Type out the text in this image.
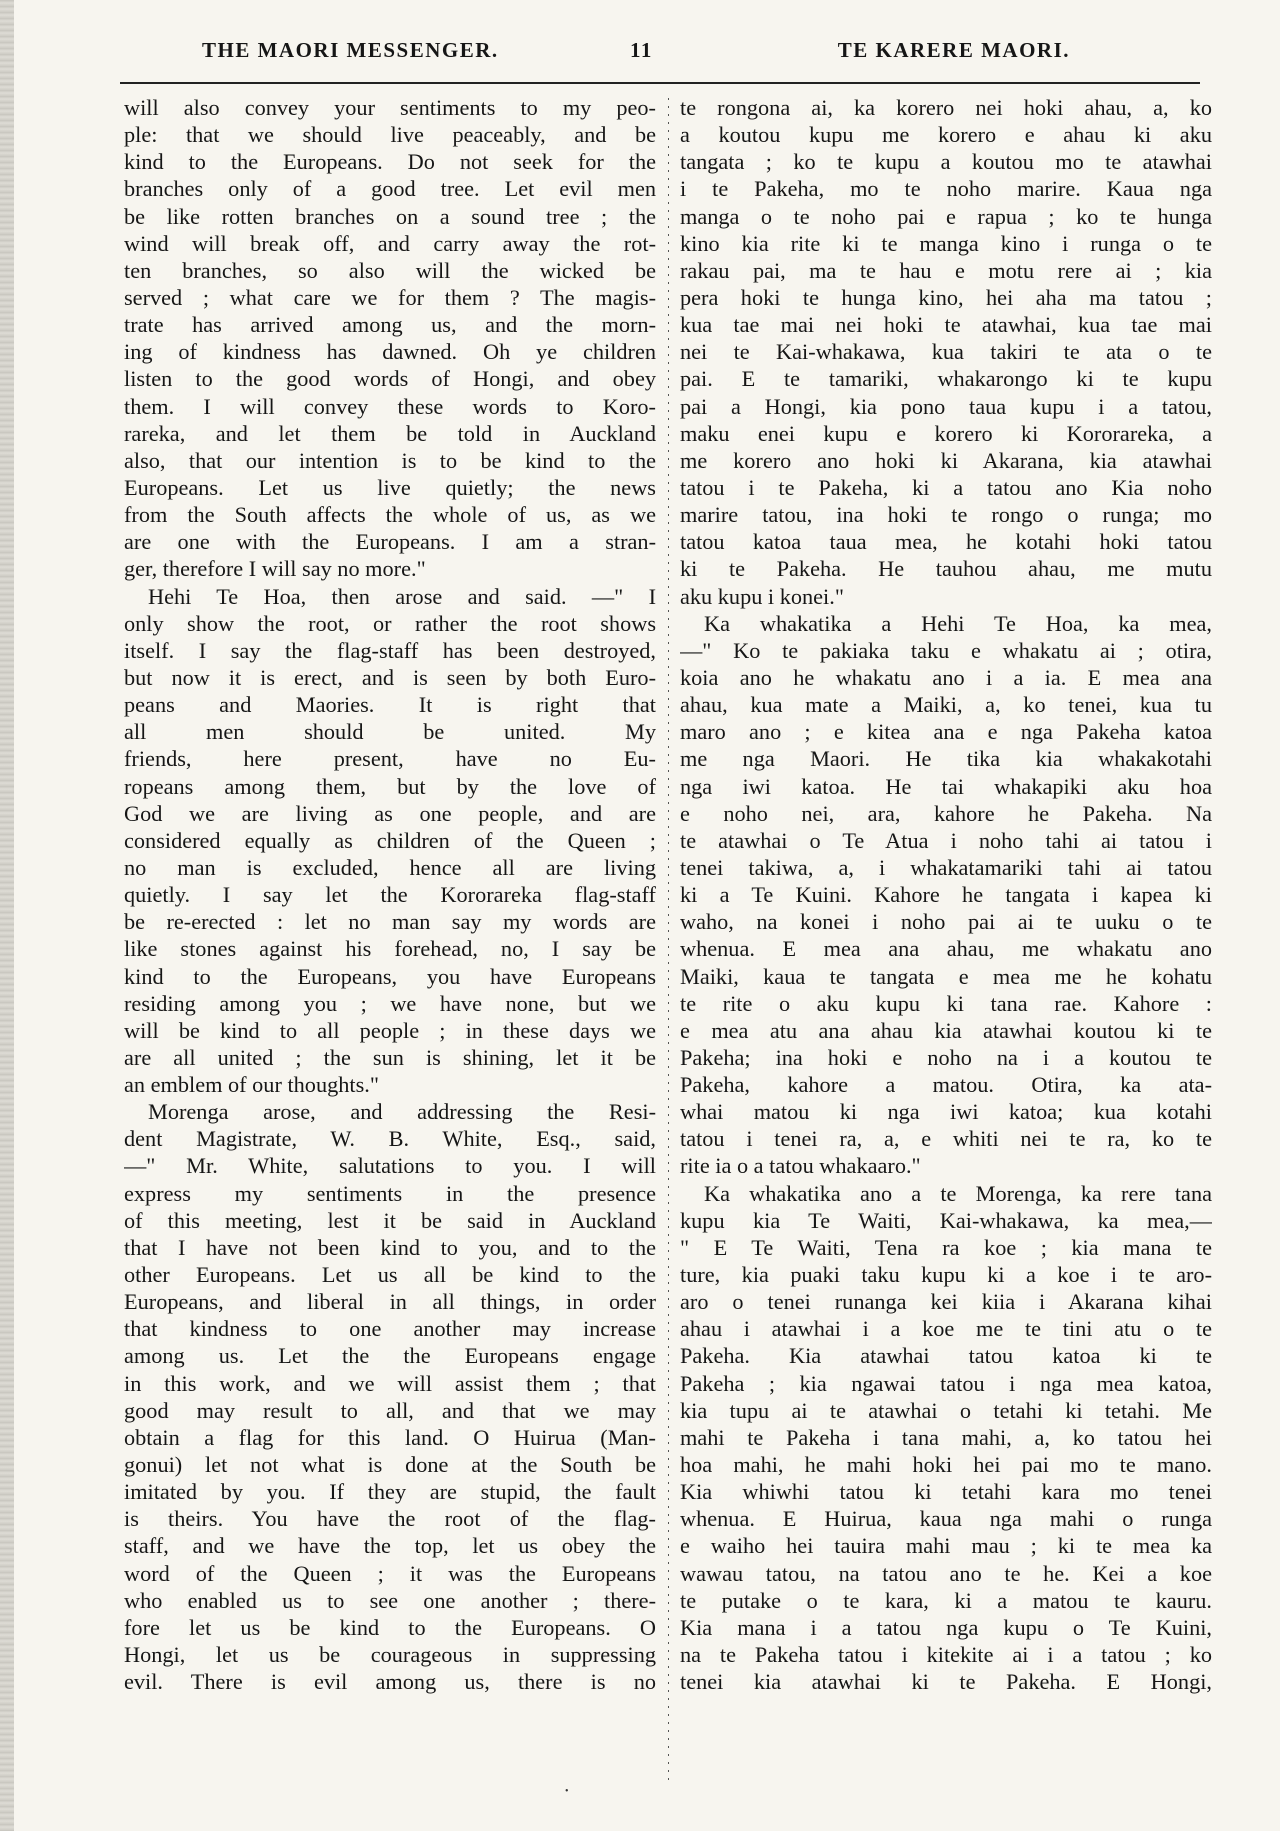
THE MAORI MESSENGER.	11	TE KARERE MAORI.
will also convey your sentiments to my peo-
ple: that we should live peaceably, and be
kind to the Europeans. Do not seek for the
branches only of a good tree. Let evil men
be like rotten branches on a sound tree ; the
wind will break off, and carry away the rot-
ten branches, so also will the wicked be
served ; what care we for them ? The magis-
trate has arrived among us, and the morn-
ing of kindness has dawned. Oh ye children
listen to the good words of Hongi, and obey
them. I will convey these words to Koro-
rareka, and let them be told in Auckland
also, that our intention is to be kind to the
Europeans. Let us live quietly; the news
from the South affects the whole of us, as we
are one with the Europeans. I am a stran-
ger, therefore I will say no more."
Hehi Te Hoa, then arose and said. —" I
only show the root, or rather the root shows
itself. I say the flag-staff has been destroyed,
but now it is erect, and is seen by both Euro-
peans and Maories. It is right that
all men should be united. My
friends, here present, have no Eu-
ropeans among them, but by the love of
God we are living as one people, and are
considered equally as children of the Queen ;
no man is excluded, hence all are living
quietly. I say let the Kororareka flag-staff
be re-erected : let no man say my words are
like stones against his forehead, no, I say be
kind to the Europeans, you have Europeans
residing among you ; we have none, but we
will be kind to all people ; in these days we
are all united ; the sun is shining, let it be
an emblem of our thoughts."
Morenga arose, and addressing the Resi-
dent Magistrate, W. B. White, Esq., said,
—" Mr. White, salutations to you. I will
express my sentiments in the presence
of this meeting, lest it be said in Auckland
that I have not been kind to you, and to the
other Europeans. Let us all be kind to the
Europeans, and liberal in all things, in order
that kindness to one another may increase
among us. Let the the Europeans engage
in this work, and we will assist them ; that
good may result to all, and that we may
obtain a flag for this land. O Huirua (Man-
gonui) let not what is done at the South be
imitated by you. If they are stupid, the fault
is theirs. You have the root of the flag-
staff, and we have the top, let us obey the
word of the Queen ; it was the Europeans
who enabled us to see one another ; there-
fore let us be kind to the Europeans. O
Hongi, let us be courageous in suppressing
evil. There is evil among us, there is no
te rongona ai, ka korero nei hoki ahau, a, ko
a koutou kupu me korero e ahau ki aku
tangata ; ko te kupu a koutou mo te atawhai
i te Pakeha, mo te noho marire. Kaua nga
manga o te noho pai e rapua ; ko te hunga
kino kia rite ki te manga kino i runga o te
rakau pai, ma te hau e motu rere ai ; kia
pera hoki te hunga kino, hei aha ma tatou ;
kua tae mai nei hoki te atawhai, kua tae mai
nei te Kai-whakawa, kua takiri te ata o te
pai. E te tamariki, whakarongo ki te kupu
pai a Hongi, kia pono taua kupu i a tatou,
maku enei kupu e korero ki Kororareka, a
me korero ano hoki ki Akarana, kia atawhai
tatou i te Pakeha, ki a tatou ano Kia noho
marire tatou, ina hoki te rongo o runga; mo
tatou katoa taua mea, he kotahi hoki tatou
ki te Pakeha. He tauhou ahau, me mutu
aku kupu i konei."
Ka whakatika a Hehi Te Hoa, ka mea,
—" Ko te pakiaka taku e whakatu ai ; otira,
koia ano he whakatu ano i a ia. E mea ana
ahau, kua mate a Maiki, a, ko tenei, kua tu
maro ano ; e kitea ana e nga Pakeha katoa
me nga Maori. He tika kia whakakotahi
nga iwi katoa. He tai whakapiki aku hoa
e noho nei, ara, kahore he Pakeha. Na
te atawhai o Te Atua i noho tahi ai tatou i
tenei takiwa, a, i whakatamariki tahi ai tatou
ki a Te Kuini. Kahore he tangata i kapea ki
waho, na konei i noho pai ai te uuku o te
whenua. E mea ana ahau, me whakatu ano
Maiki, kaua te tangata e mea me he kohatu
te rite o aku kupu ki tana rae. Kahore :
e mea atu ana ahau kia atawhai koutou ki te
Pakeha; ina hoki e noho na i a koutou te
Pakeha, kahore a matou. Otira, ka ata-
whai matou ki nga iwi katoa; kua kotahi
tatou i tenei ra, a, e whiti nei te ra, ko te
rite ia o a tatou whakaaro."
Ka whakatika ano a te Morenga, ka rere tana
kupu kia Te Waiti, Kai-whakawa, ka mea,—
" E Te Waiti, Tena ra koe ; kia mana te
ture, kia puaki taku kupu ki a koe i te aro-
aro o tenei runanga kei kiia i Akarana kihai
ahau i atawhai i a koe me te tini atu o te
Pakeha. Kia atawhai tatou katoa ki te
Pakeha ; kia ngawai tatou i nga mea katoa,
kia tupu ai te atawhai o tetahi ki tetahi. Me
mahi te Pakeha i tana mahi, a, ko tatou hei
hoa mahi, he mahi hoki hei pai mo te mano.
Kia whiwhi tatou ki tetahi kara mo tenei
whenua. E Huirua, kaua nga mahi o runga
e waiho hei tauira mahi mau ; ki te mea ka
wawau tatou, na tatou ano te he. Kei a koe
te putake o te kara, ki a matou te kauru.
Kia mana i a tatou nga kupu o Te Kuini,
na te Pakeha tatou i kitekite ai i a tatou ; ko
tenei kia atawhai ki te Pakeha. E Hongi,
•
